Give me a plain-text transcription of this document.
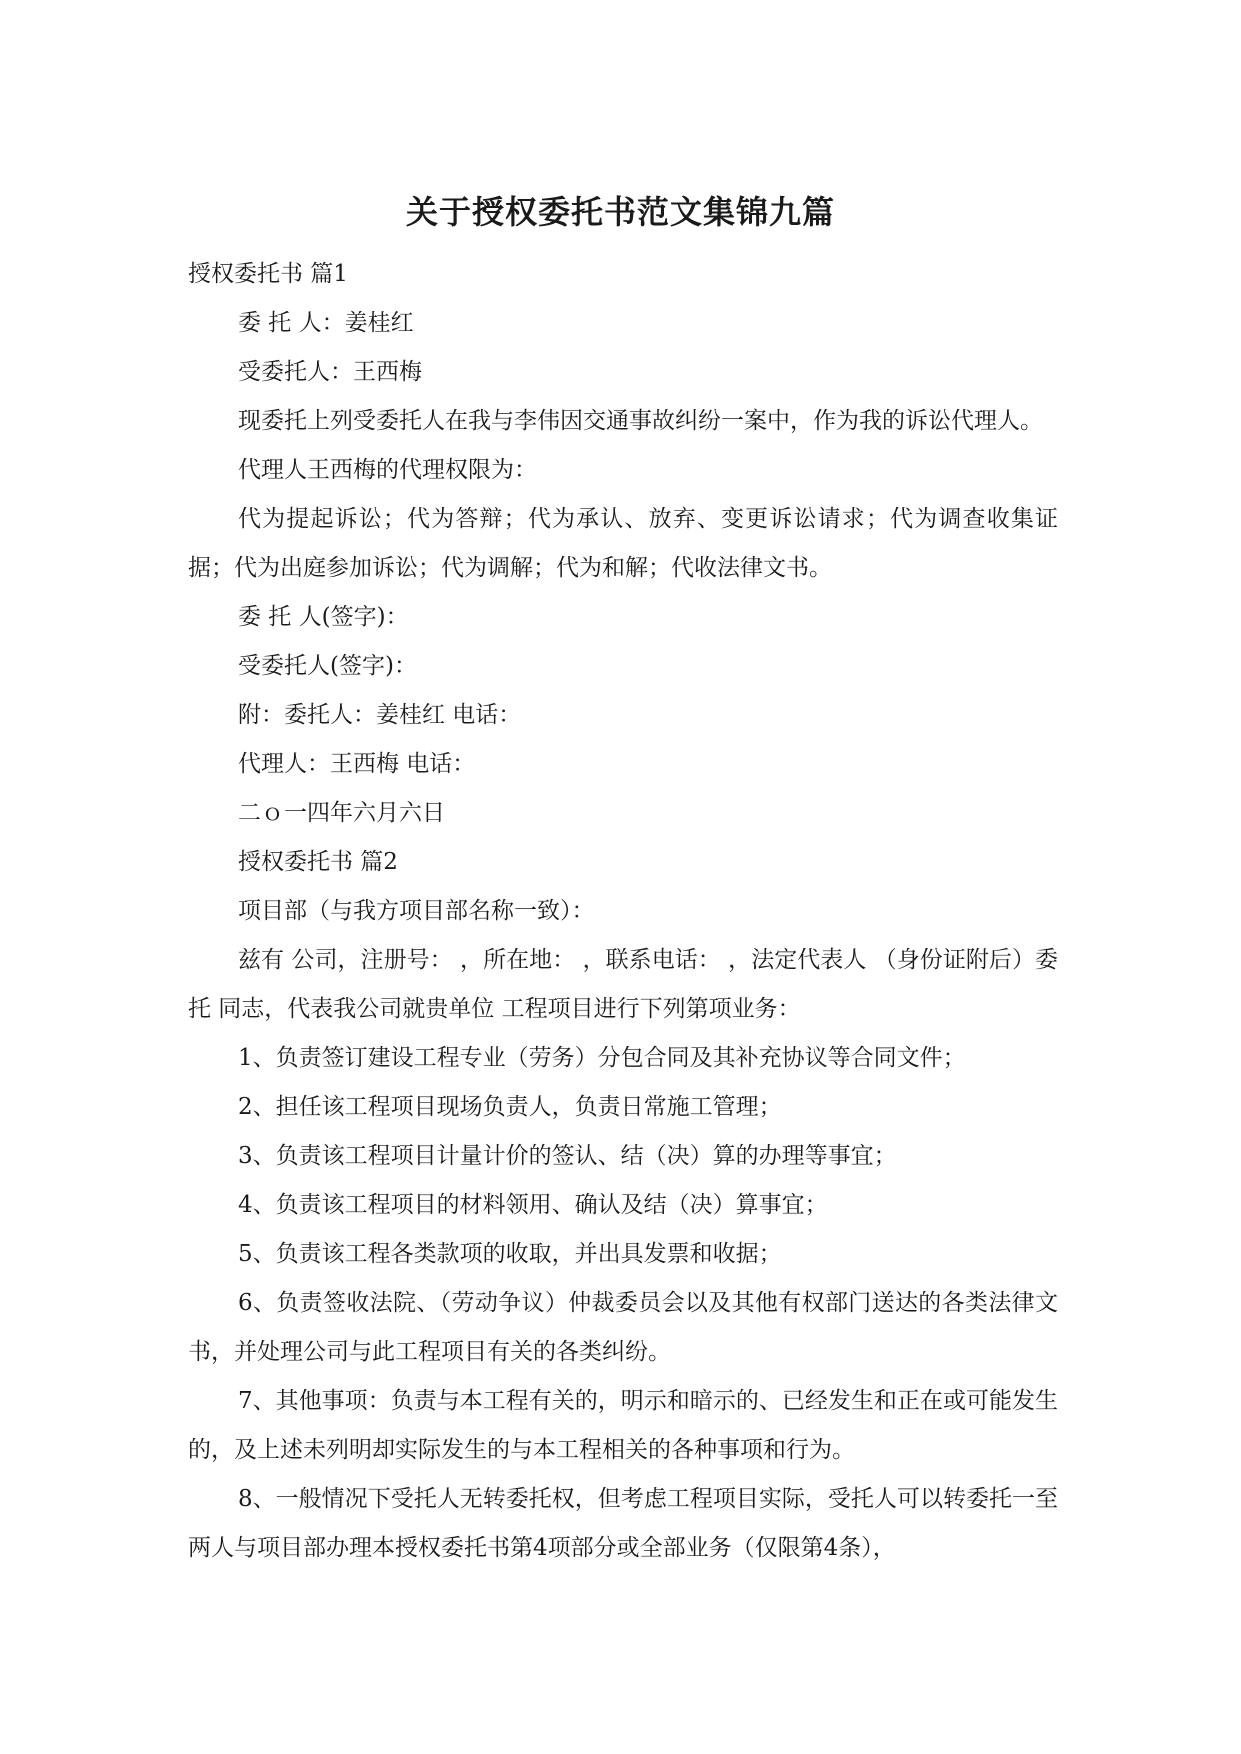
关于授权委托书范文集锦九篇

授权委托书 篇1

委 托 人：姜桂红

受委托人：王西梅

现委托上列受委托人在我与李伟因交通事故纠纷一案中，作为我的诉讼代理人。

代理人王西梅的代理权限为：

代为提起诉讼；代为答辩；代为承认、放弃、变更诉讼请求；代为调查收集证据；代为出庭参加诉讼；代为调解；代为和解；代收法律文书。

委 托 人(签字)：

受委托人(签字)：

附：委托人：姜桂红 电话：

代理人：王西梅 电话：

二ｏ一四年六月六日

授权委托书 篇2

项目部（与我方项目部名称一致）：

兹有 公司，注册号： ，所在地： ，联系电话： ，法定代表人 （身份证附后）委托 同志，代表我公司就贵单位 工程项目进行下列第项业务：

1、负责签订建设工程专业（劳务）分包合同及其补充协议等合同文件；

2、担任该工程项目现场负责人，负责日常施工管理；

3、负责该工程项目计量计价的签认、结（决）算的办理等事宜；

4、负责该工程项目的材料领用、确认及结（决）算事宜；

5、负责该工程各类款项的收取，并出具发票和收据；

6、负责签收法院、（劳动争议）仲裁委员会以及其他有权部门送达的各类法律文书，并处理公司与此工程项目有关的各类纠纷。

7、其他事项：负责与本工程有关的，明示和暗示的、已经发生和正在或可能发生的，及上述未列明却实际发生的与本工程相关的各种事项和行为。

8、一般情况下受托人无转委托权，但考虑工程项目实际，受托人可以转委托一至两人与项目部办理本授权委托书第4项部分或全部业务（仅限第4条），
